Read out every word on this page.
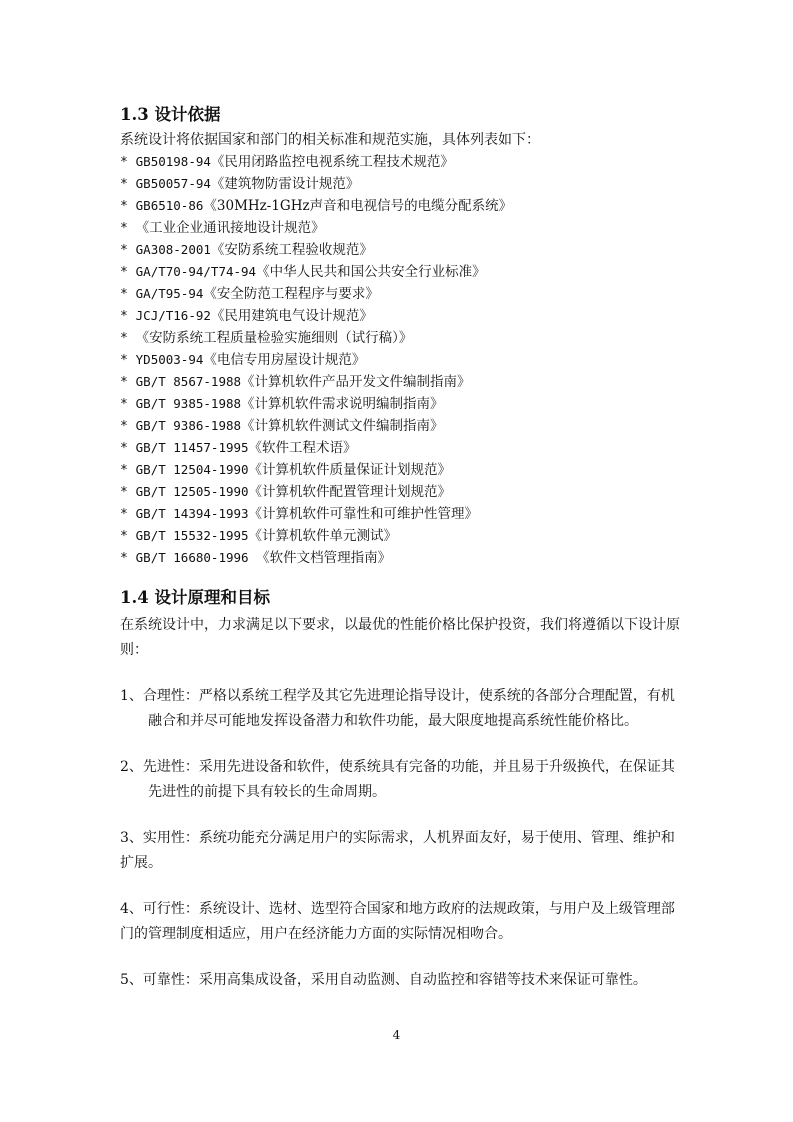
1.3 设计依据

系统设计将依据国家和部门的相关标准和规范实施，具体列表如下：

* GB50198-94《民用闭路监控电视系统工程技术规范》
* GB50057-94《建筑物防雷设计规范》
* GB6510-86《30MHz-1GHz声音和电视信号的电缆分配系统》
* 《工业企业通讯接地设计规范》
* GA308-2001《安防系统工程验收规范》
* GA/T70-94/T74-94《中华人民共和国公共安全行业标准》
* GA/T95-94《安全防范工程程序与要求》
* JCJ/T16-92《民用建筑电气设计规范》
* 《安防系统工程质量检验实施细则（试行稿）》
* YD5003-94《电信专用房屋设计规范》
* GB/T 8567-1988《计算机软件产品开发文件编制指南》
* GB/T 9385-1988《计算机软件需求说明编制指南》
* GB/T 9386-1988《计算机软件测试文件编制指南》
* GB/T 11457-1995《软件工程术语》
* GB/T 12504-1990《计算机软件质量保证计划规范》
* GB/T 12505-1990《计算机软件配置管理计划规范》
* GB/T 14394-1993《计算机软件可靠性和可维护性管理》
* GB/T 15532-1995《计算机软件单元测试》
* GB/T 16680-1996 《软件文档管理指南》
1.4 设计原理和目标

在系统设计中，力求满足以下要求，以最优的性能价格比保护投资，我们将遵循以下设计原则：

1、合理性：严格以系统工程学及其它先进理论指导设计，使系统的各部分合理配置，有机融合和并尽可能地发挥设备潜力和软件功能，最大限度地提高系统性能价格比。

2、先进性：采用先进设备和软件，使系统具有完备的功能，并且易于升级换代，在保证其先进性的前提下具有较长的生命周期。

3、实用性：系统功能充分满足用户的实际需求，人机界面友好，易于使用、管理、维护和扩展。

4、可行性：系统设计、选材、选型符合国家和地方政府的法规政策，与用户及上级管理部门的管理制度相适应，用户在经济能力方面的实际情况相吻合。

5、可靠性：采用高集成设备，采用自动监测、自动监控和容错等技术来保证可靠性。

4
